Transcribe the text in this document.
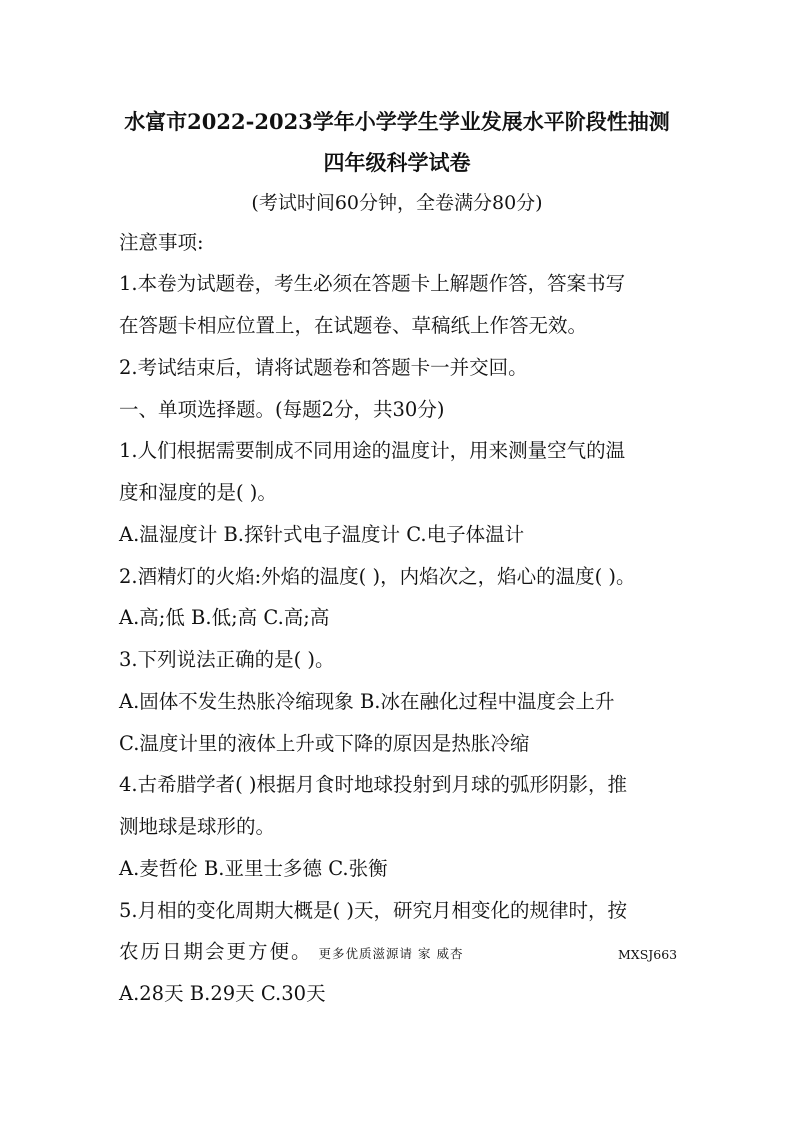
水富市2022-2023学年小学学生学业发展水平阶段性抽测
四年级科学试卷
(考试时间60分钟，全卷满分80分)
注意事项:
1.本卷为试题卷，考生必须在答题卡上解题作答，答案书写
在答题卡相应位置上，在试题卷、草稿纸上作答无效。
2.考试结束后，请将试题卷和答题卡一并交回。
一、单项选择题。(每题2分，共30分)
1.人们根据需要制成不同用途的温度计，用来测量空气的温
度和湿度的是( )。
A.温湿度计 B.探针式电子温度计 C.电子体温计
2.酒精灯的火焰:外焰的温度( )，内焰次之，焰心的温度( )。
A.高;低 B.低;高 C.高;高
3.下列说法正确的是( )。
A.固体不发生热胀冷缩现象 B.冰在融化过程中温度会上升
C.温度计里的液体上升或下降的原因是热胀冷缩
4.古希腊学者( )根据月食时地球投射到月球的弧形阴影，推
测地球是球形的。
A.麦哲伦 B.亚里士多德 C.张衡
5.月相的变化周期大概是( )天，研究月相变化的规律时，按
农历日期会更方便。 更多优质滋源请 家 威杏	MXSJ663
A.28天 B.29天 C.30天
